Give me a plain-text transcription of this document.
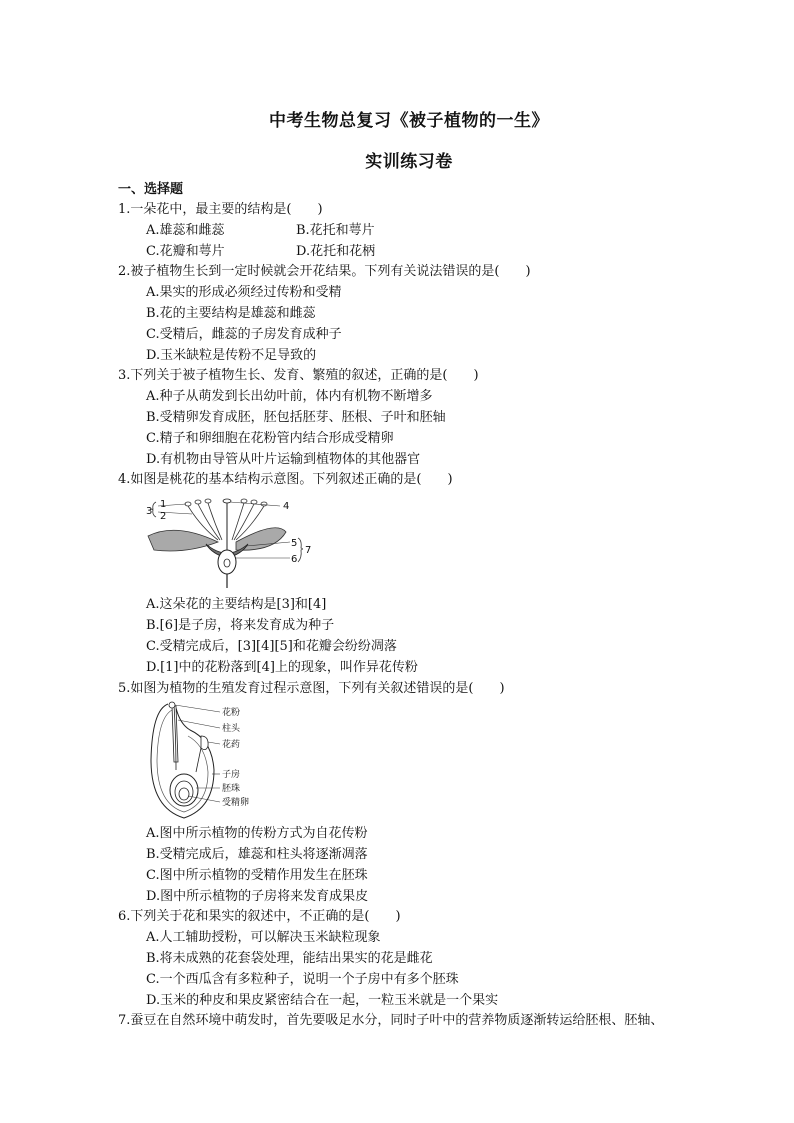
中考生物总复习《被子植物的一生》
实训练习卷
一、选择题
1.一朵花中，最主要的结构是(　　)
A.雄蕊和雌蕊	B.花托和萼片
C.花瓣和萼片	D.花托和花柄
2.被子植物生长到一定时候就会开花结果。下列有关说法错误的是(　　)
A.果实的形成必须经过传粉和受精
B.花的主要结构是雄蕊和雌蕊
C.受精后，雌蕊的子房发育成种子
D.玉米缺粒是传粉不足导致的
3.下列关于被子植物生长、发育、繁殖的叙述，正确的是(　　)
A.种子从萌发到长出幼叶前，体内有机物不断增多
B.受精卵发育成胚，胚包括胚芽、胚根、子叶和胚轴
C.精子和卵细胞在花粉管内结合形成受精卵
D.有机物由导管从叶片运输到植物体的其他器官
4.如图是桃花的基本结构示意图。下列叙述正确的是(　　)
1
2
3	4
5
6
7
A.这朵花的主要结构是[3]和[4]
B.[6]是子房，将来发育成为种子
C.受精完成后，[3][4][5]和花瓣会纷纷凋落
D.[1]中的花粉落到[4]上的现象，叫作异花传粉
5.如图为植物的生殖发育过程示意图，下列有关叙述错误的是(　　)
花粉
柱头
花药
子房
胚珠
受精卵
A.图中所示植物的传粉方式为自花传粉
B.受精完成后，雄蕊和柱头将逐渐凋落
C.图中所示植物的受精作用发生在胚珠
D.图中所示植物的子房将来发育成果皮
6.下列关于花和果实的叙述中，不正确的是(　　)
A.人工辅助授粉，可以解决玉米缺粒现象
B.将未成熟的花套袋处理，能结出果实的花是雌花
C.一个西瓜含有多粒种子，说明一个子房中有多个胚珠
D.玉米的种皮和果皮紧密结合在一起，一粒玉米就是一个果实
7.蚕豆在自然环境中萌发时，首先要吸足水分，同时子叶中的营养物质逐渐转运给胚根、胚轴、
